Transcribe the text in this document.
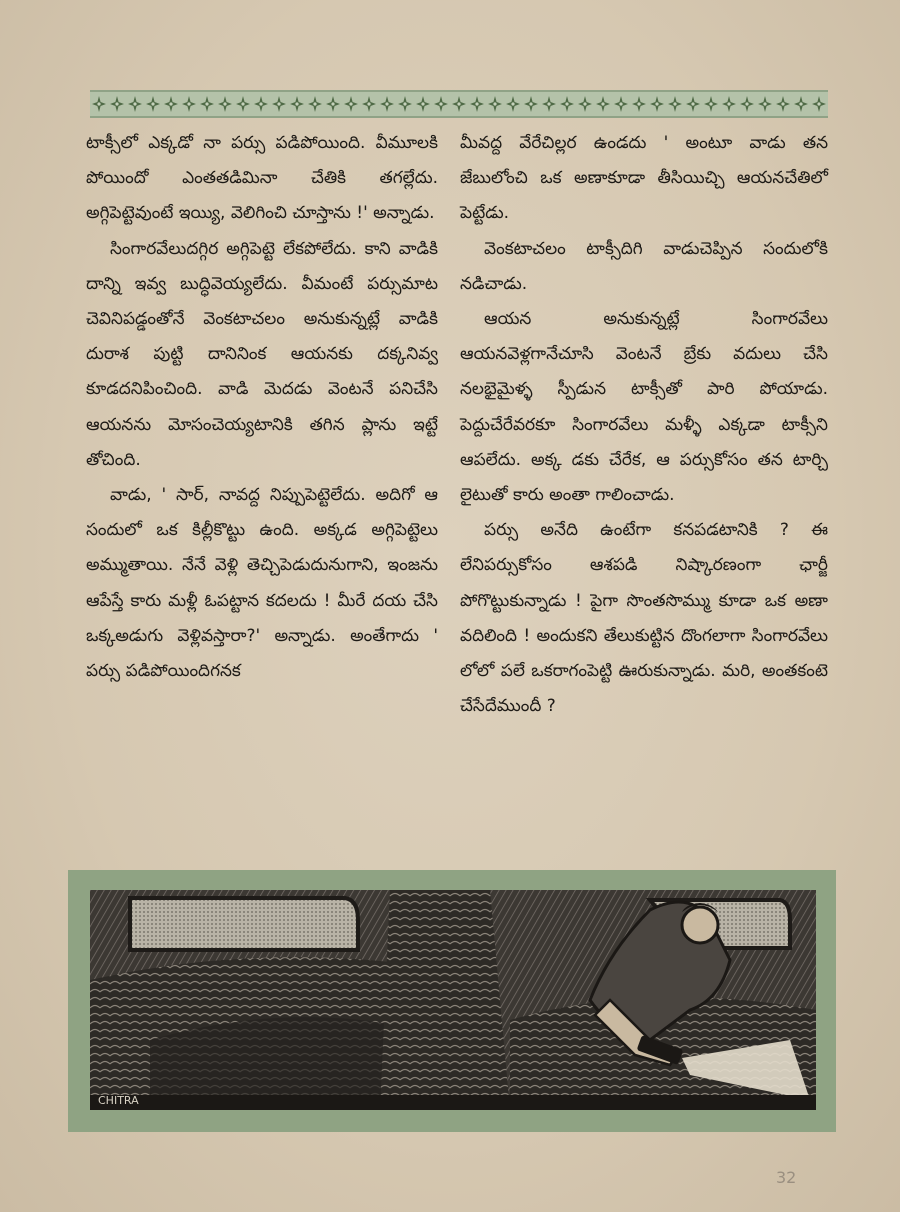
టాక్సీలో ఎక్కడో నా పర్సు పడిపోయింది. వీమూలకి పోయిందో ఎంతతడిమినా చేతికి తగల్లేదు. అగ్గిపెట్టెవుంటే ఇయ్యి, వెలిగించి చూస్తాను !' అన్నాడు.

సింగారవేలుదగ్గిర అగ్గిపెట్టె లేకపోలేదు. కాని వాడికి దాన్ని ఇవ్వ బుద్ధివెయ్యలేదు. వీమంటే పర్సుమాట చెవినిపడ్డంతోనే వెంకటాచలం అనుకున్నట్లే వాడికి దురాశ పుట్టి దానినింక ఆయనకు దక్కనివ్వ కూడదనిపించింది. వాడి మెదడు వెంటనే పనిచేసి ఆయనను మోసంచెయ్యటానికి తగిన ప్లాను ఇట్టే తోచింది.

వాడు, ' సార్, నావద్ద నిప్పుపెట్టెలేదు. అదిగో ఆ సందులో ఒక కిల్లీకొట్టు ఉంది. అక్కడ అగ్గిపెట్టెలు అమ్ముతాయి. నేనే వెళ్లి తెచ్చిపెడుదునుగాని, ఇంజను ఆపేస్తే కారు మళ్లీ ఓపట్టాన కదలదు ! మీరే దయ చేసి ఒక్కఅడుగు వెళ్లివస్తారా?' అన్నాడు. అంతేగాదు ' పర్సు పడిపోయిందిగనక

మీవద్ద వేరేచిల్లర ఉండదు ' అంటూ వాడు తన జేబులోంచి ఒక అణాకూడా తీసియిచ్చి ఆయనచేతిలో పెట్టేడు.

వెంకటాచలం టాక్సీదిగి వాడుచెప్పిన సందులోకి నడిచాడు.

ఆయన అనుకున్నట్లే సింగారవేలు ఆయనవెళ్లగానేచూసి వెంటనే బ్రేకు వదులు చేసి నలభైమైళ్ళ స్పీడున టాక్సీతో పారి పోయాడు. పెద్దుచేరేవరకూ సింగారవేలు మళ్ళీ ఎక్కడా టాక్సీని ఆపలేదు. అక్క డకు చేరేక, ఆ పర్సుకోసం తన టార్చి లైటుతో కారు అంతా గాలించాడు.

పర్సు అనేది ఉంటేగా కనపడటానికి ? ఈ లేనిపర్సుకోసం ఆశపడి నిష్కారణంగా ఛార్జీ పోగొట్టుకున్నాడు ! పైగా సొంతసొమ్ము కూడా ఒక అణా వదిలింది ! అందుకని తేలుకుట్టిన దొంగలాగా సింగారవేలు లోలో పలే ఒకరాగంపెట్టి ఊరుకున్నాడు. మరి, అంతకంటె చేసేదేముందీ ?

CHITRA
32
